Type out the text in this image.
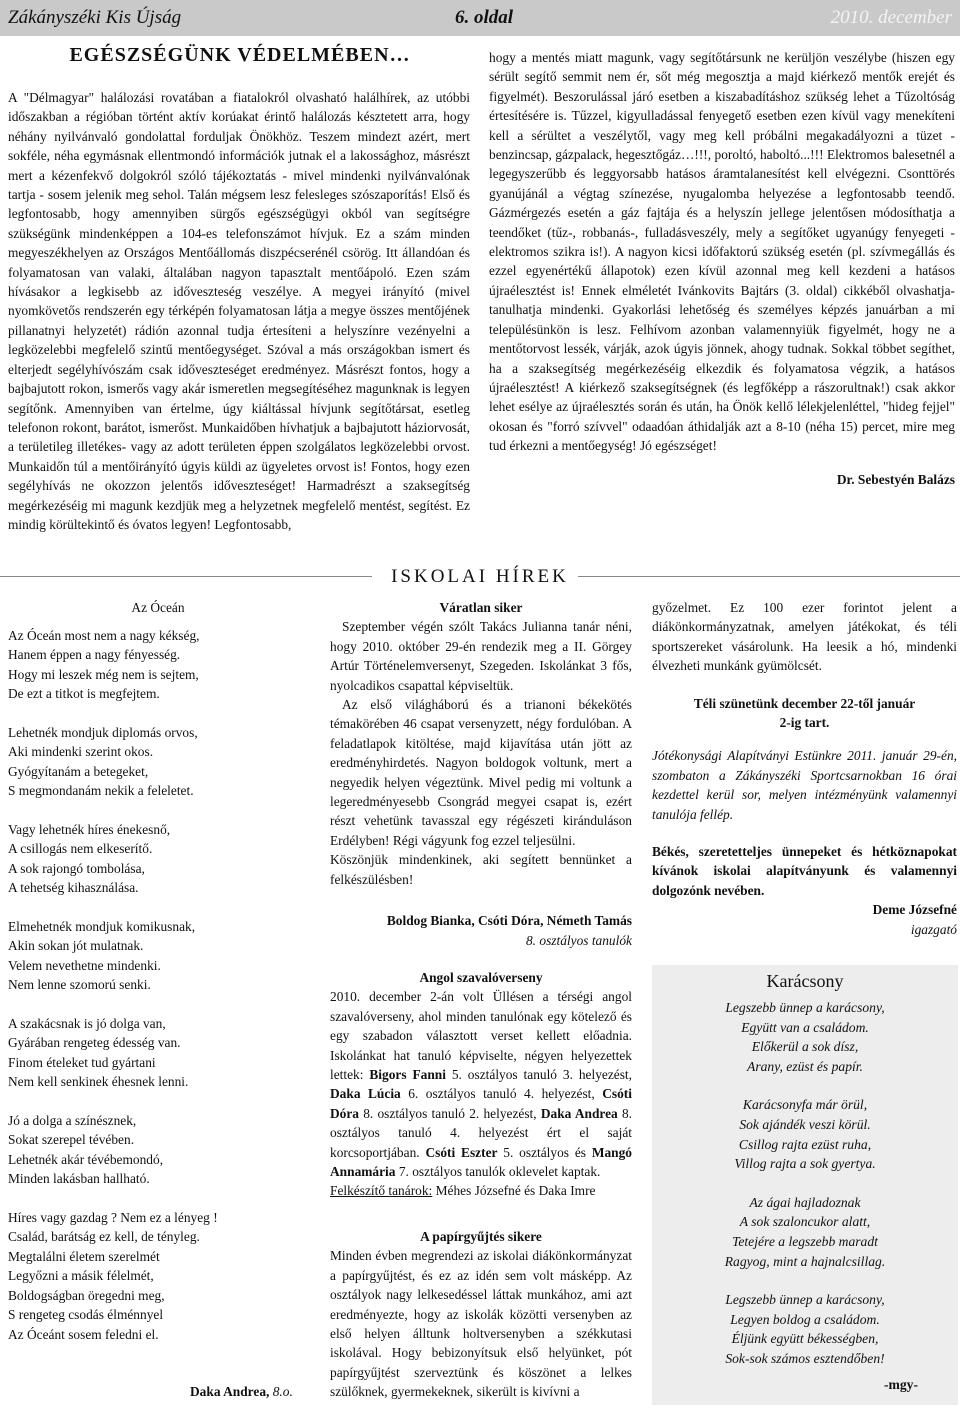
Zákányszéki Kis Újság	6. oldal	2010. december
EGÉSZSÉGÜNK VÉDELMÉBEN…

A "Délmagyar" halálozási rovatában a fiatalokról olvasható halálhírek, az utóbbi időszakban a régióban történt aktív korúakat érintő halálozás késztetett arra, hogy néhány nyilvánvaló gondolattal forduljak Önökhöz. Teszem mindezt azért, mert sokféle, néha egymásnak ellentmondó információk jutnak el a lakossághoz, másrészt mert a kézenfekvő dolgokról szóló tájékoztatás - mivel mindenki nyilvánvalónak tartja - sosem jelenik meg sehol. Talán mégsem lesz felesleges szószaporítás! Első és legfontosabb, hogy amennyiben sürgős egészségügyi okból van segítségre szükségünk mindenképpen a 104-es telefonszámot hívjuk. Ez a szám minden megyeszékhelyen az Országos Mentőállomás diszpécserénél csörög. Itt állandóan és folyamatosan van valaki, általában nagyon tapasztalt mentőápoló. Ezen szám hívásakor a legkisebb az időveszteség veszélye. A megyei irányító (mivel nyomkövetős rendszerén egy térképén folyamatosan látja a megye összes mentőjének pillanatnyi helyzetét) rádión azonnal tudja értesíteni a helyszínre vezényelni a legközelebbi megfelelő szintű mentőegységet. Szóval a más országokban ismert és elterjedt segélyhívószám csak időveszteséget eredményez. Másrészt fontos, hogy a bajbajutott rokon, ismerős vagy akár ismeretlen megsegítéséhez magunknak is legyen segítőnk. Amennyiben van értelme, úgy kiáltással hívjunk segítőtársat, esetleg telefonon rokont, barátot, ismerőst. Munkaidőben hívhatjuk a bajbajutott háziorvosát, a területileg illetékes- vagy az adott területen éppen szolgálatos legközelebbi orvost. Munkaidőn túl a mentőirányító úgyis küldi az ügyeletes orvost is! Fontos, hogy ezen segélyhívás ne okozzon jelentős időveszteséget! Harmadrészt a szaksegítség megérkezéséig mi magunk kezdjük meg a helyzetnek megfelelő mentést, segítést. Ez mindig körültekintő és óvatos legyen! Legfontosabb,

hogy a mentés miatt magunk, vagy segítőtársunk ne kerüljön veszélybe (hiszen egy sérült segítő semmit nem ér, sőt még megosztja a majd kiérkező mentők erejét és figyelmét). Beszorulással járó esetben a kiszabadításhoz szükség lehet a Tűzoltóság értesítésére is. Tűzzel, kigyulladással fenyegető esetben ezen kívül vagy menekíteni kell a sérültet a veszélytől, vagy meg kell próbálni megakadályozni a tüzet - benzincsap, gázpalack, hegesztőgáz…!!!, poroltó, haboltó...!!! Elektromos balesetnél a legegyszerűbb és leggyorsabb hatásos áramtalanesítést kell elvégezni. Csonttörés gyanújánál a végtag színezése, nyugalomba helyezése a legfontosabb teendő. Gázmérgezés esetén a gáz fajtája és a helyszín jellege jelentősen módosíthatja a teendőket (tűz-, robbanás-, fulladásveszély, mely a segítőket ugyanúgy fenyegeti - elektromos szikra is!). A nagyon kicsi időfaktorú szükség esetén (pl. szívmegállás és ezzel egyenértékű állapotok) ezen kívül azonnal meg kell kezdeni a hatásos újraélesztést is! Ennek elméletét Ivánkovits Bajtárs (3. oldal) cikkéből olvashatja-tanulhatja mindenki. Gyakorlási lehetőség és személyes képzés januárban a mi településünkön is lesz. Felhívom azonban valamennyiük figyelmét, hogy ne a mentőtorvost lessék, várják, azok úgyis jönnek, ahogy tudnak. Sokkal többet segíthet, ha a szaksegítség megérkezéséig elkezdik és folyamatosa végzik, a hatásos újraélesztést! A kiérkező szaksegítségnek (és legfőképp a rászorultnak!) csak akkor lehet esélye az újraélesztés során és után, ha Önök kellő lélekjelenléttel, "hideg fejjel" okosan és "forró szívvel" odaadóan áthidalják azt a 8-10 (néha 15) percet, mire meg tud érkezni a mentőegység! Jó egészséget!

Dr. Sebestyén Balázs

ISKOLAI HÍREK
Az Óceán

Az Óceán most nem a nagy kékség,
Hanem éppen a nagy fényesség.
Hogy mi leszek még nem is sejtem,
De ezt a titkot is megfejtem.

Lehetnék mondjuk diplomás orvos,
Aki mindenki szerint okos.
Gyógyítanám a betegeket,
S megmondanám nekik a feleletet.

Vagy lehetnék híres énekesnő,
A csillogás nem elkeserítő.
A sok rajongó tombolása,
A tehetség kihasználása.

Elmehetnék mondjuk komikusnak,
Akin sokan jót mulatnak.
Velem nevethetne mindenki.
Nem lenne szomorú senki.

A szakácsnak is jó dolga van,
Gyárában rengeteg édesség van.
Finom ételeket tud gyártani
Nem kell senkinek éhesnek lenni.

Jó a dolga a színésznek,
Sokat szerepel tévében.
Lehetnék akár tévébemondó,
Minden lakásban hallható.

Híres vagy gazdag ? Nem ez a lényeg !
Család, barátság ez kell, de tényleg.
Megtalálni életem szerelmét
Legyőzni a másik félelmét,
Boldogságban öregedni meg,
S rengeteg csodás élménnyel
Az Óceánt sosem feledni el.

Daka Andrea, 8.o.
Váratlan siker

Szeptember végén szólt Takács Julianna tanár néni, hogy 2010. október 29-én rendezik meg a II. Görgey Artúr Történelemversenyt, Szegeden. Iskolánkat 3 fős, nyolcadikos csapattal képviseltük.

Az első világháború és a trianoni békekötés témakörében 46 csapat versenyzett, négy fordulóban. A feladatlapok kitöltése, majd kijavítása után jött az eredményhirdetés. Nagyon boldogok voltunk, mert a negyedik helyen végeztünk. Mivel pedig mi voltunk a legeredményesebb Csongrád megyei csapat is, ezért részt vehetünk tavasszal egy régészeti kiránduláson Erdélyben! Régi vágyunk fog ezzel teljesülni.

Köszönjük mindenkinek, aki segített bennünket a felkészülésben!

Boldog Bianka, Csóti Dóra, Németh Tamás
8. osztályos tanulók
Angol szavalóverseny

2010. december 2-án volt Üllésen a térségi angol szavalóverseny, ahol minden tanulónak egy kötelező és egy szabadon választott verset kellett előadnia. Iskolánkat hat tanuló képviselte, négyen helyezettek lettek: Bigors Fanni 5. osztályos tanuló 3. helyezést, Daka Lúcia 6. osztályos tanuló 4. helyezést, Csóti Dóra 8. osztályos tanuló 2. helyezést, Daka Andrea 8. osztályos tanuló 4. helyezést ért el saját korcsoportjában. Csóti Eszter 5. osztályos és Mangó Annamária 7. osztályos tanulók oklevelet kaptak.

Felkészítő tanárok: Méhes Józsefné és Daka Imre

A papírgyűjtés sikere

Minden évben megrendezi az iskolai diákönkormányzat a papírgyűjtést, és ez az idén sem volt másképp. Az osztályok nagy lelkesedéssel láttak munkához, ami azt eredményezte, hogy az iskolák közötti versenyben az első helyen álltunk holtversenyben a székkutasi iskolával. Hogy bebizonyítsuk első helyünket, pót papírgyűjtést szerveztünk és köszönet a lelkes szülőknek, gyermekeknek, sikerült is kivívni a

győzelmet. Ez 100 ezer forintot jelent a diákönkormányzatnak, amelyen játékokat, és téli sportszereket vásárolunk. Ha leesik a hó, mindenki élvezheti munkánk gyümölcsét.

Téli szünetünk december 22-től január 2-ig tart.

Jótékonysági Alapítványi Estünkre 2011. január 29-én, szombaton a Zákányszéki Sportcsarnokban 16 órai kezdettel kerül sor, melyen intézményünk valamennyi tanulója fellép.

Békés, szeretetteljes ünnepeket és hétköznapokat kívánok iskolai alapítványunk és valamennyi dolgozónk nevében.

Deme Józsefné

igazgató

Karácsony

Legszebb ünnep a karácsony,
Együtt van a családom.
Előkerül a sok dísz,
Arany, ezüst és papír.

Karácsonyfa már örül,
Sok ajándék veszi körül.
Csillog rajta ezüst ruha,
Villog rajta a sok gyertya.

Az ágai hajladoznak
A sok szaloncukor alatt,
Tetejére a legszebb maradt
Ragyog, mint a hajnalcsillag.

Legszebb ünnep a karácsony,
Legyen boldog a családom.
Éljünk együtt békességben,
Sok-sok számos esztendőben!

-mgy-
